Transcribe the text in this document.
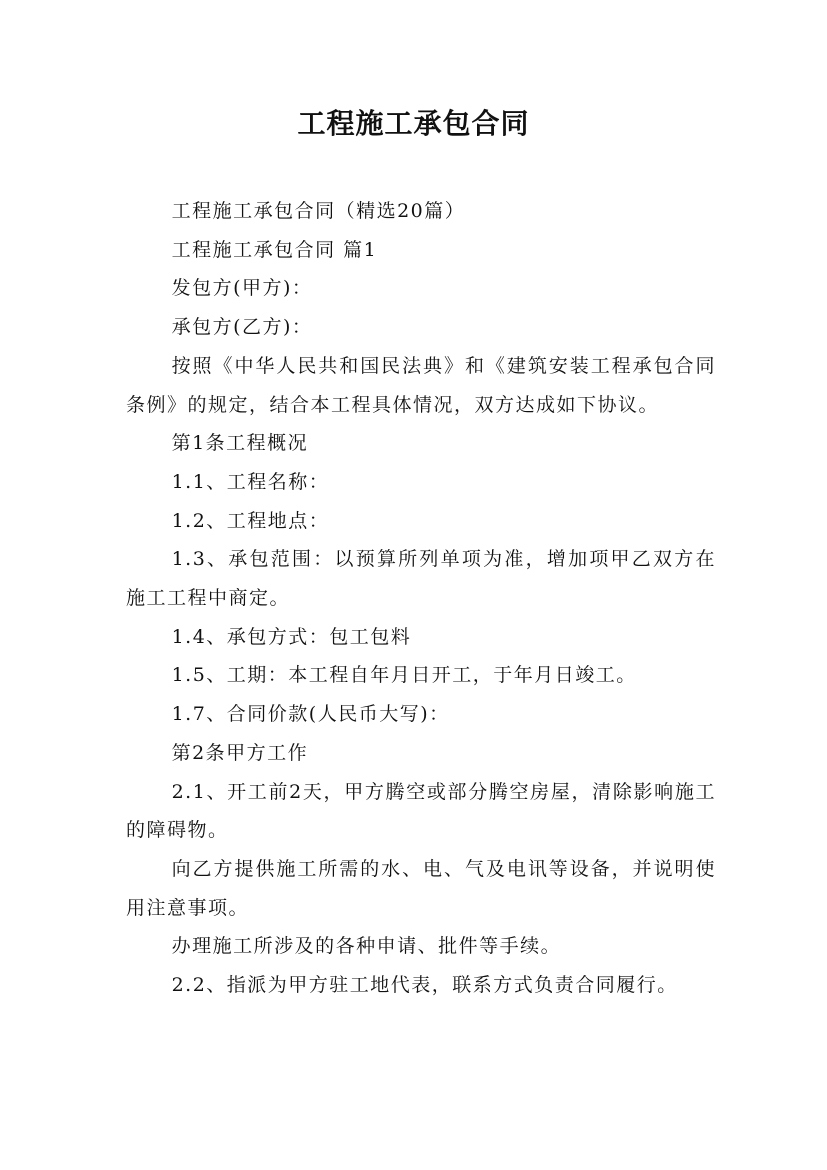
工程施工承包合同

工程施工承包合同（精选20篇）

工程施工承包合同 篇1

发包方(甲方)：

承包方(乙方)：

按照《中华人民共和国民法典》和《建筑安装工程承包合同条例》的规定，结合本工程具体情况，双方达成如下协议。

第1条工程概况

1.1、工程名称：

1.2、工程地点：

1.3、承包范围：以预算所列单项为准，增加项甲乙双方在施工工程中商定。

1.4、承包方式：包工包料

1.5、工期：本工程自年月日开工，于年月日竣工。

1.7、合同价款(人民币大写)：

第2条甲方工作

2.1、开工前2天，甲方腾空或部分腾空房屋，清除影响施工的障碍物。

向乙方提供施工所需的水、电、气及电讯等设备，并说明使用注意事项。

办理施工所涉及的各种申请、批件等手续。

2.2、指派为甲方驻工地代表，联系方式负责合同履行。
